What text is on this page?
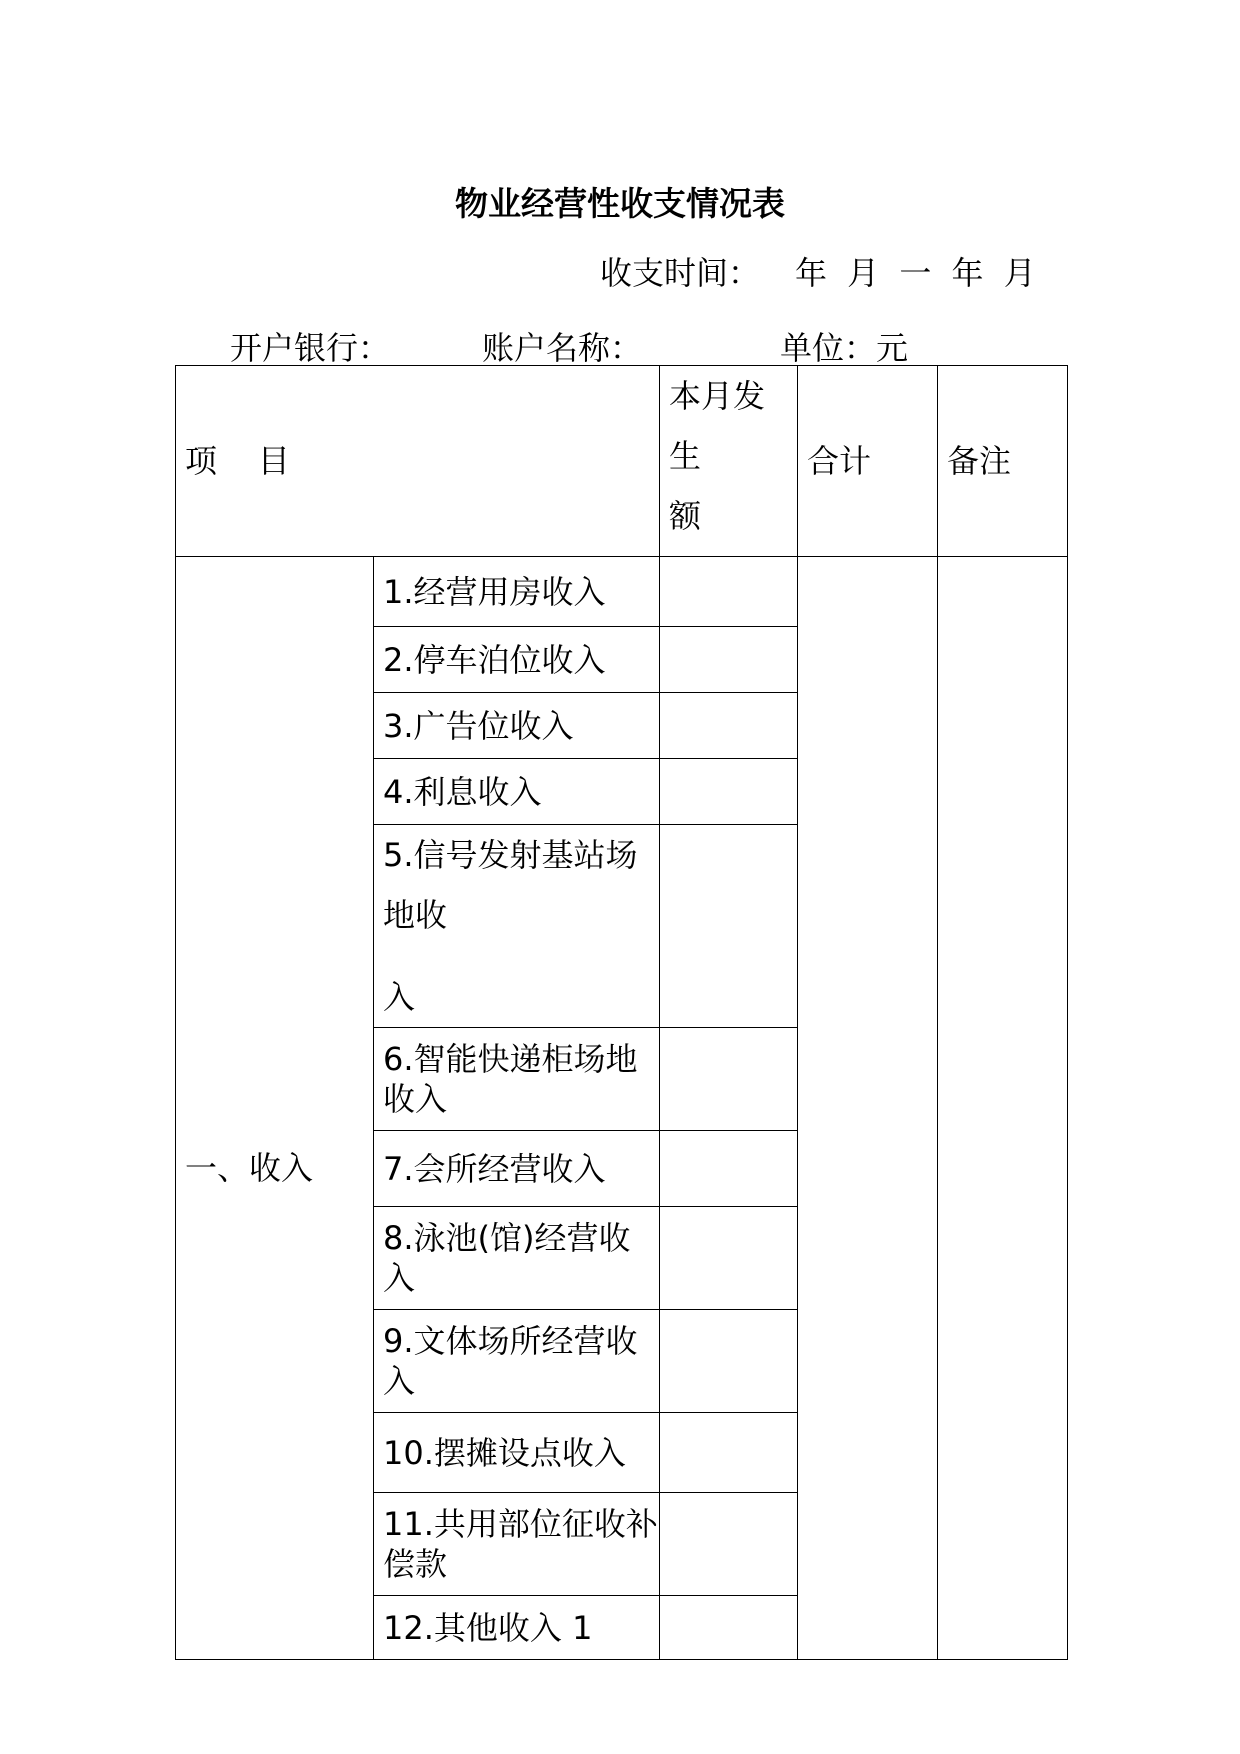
物业经营性收支情况表
收支时间： 年 月 一 年 月
开户银行：	账户名称：	单位：元
项    目		本月发
生
额	合计	备注
一、收入	1.经营用房收入			
	2.停车泊位收入			
	3.广告位收入			
	4.利息收入			

	5.信号发射基站场地收
入			

	6.智能快递柜场地收入			
	7.会所经营收入			
	8.泳池(馆)经营收入			
	9.文体场所经营收入			
	10.摆摊设点收入			
	11.共用部位征收补偿款			
	12.其他收入 1			
